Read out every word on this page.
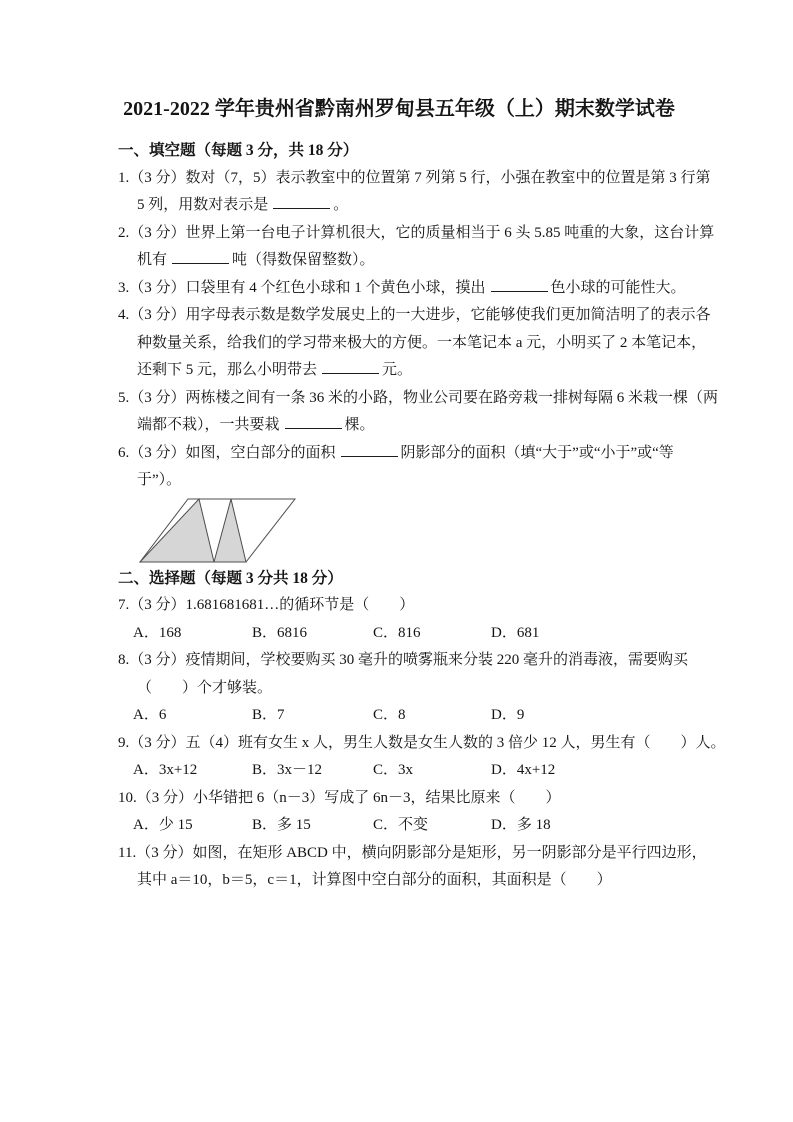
2021-2022 学年贵州省黔南州罗甸县五年级（上）期末数学试卷
一、填空题（每题 3 分，共 18 分）
1.（3 分）数对（7，5）表示教室中的位置第 7 列第 5 行，小强在教室中的位置是第 3 行第
5 列，用数对表示是	。
2.（3 分）世界上第一台电子计算机很大，它的质量相当于 6 头 5.85 吨重的大象，这台计算
机有	吨（得数保留整数）。
3.（3 分）口袋里有 4 个红色小球和 1 个黄色小球，摸出	色小球的可能性大。
4.（3 分）用字母表示数是数学发展史上的一大进步，它能够使我们更加简洁明了的表示各
种数量关系，给我们的学习带来极大的方便。一本笔记本 a 元，小明买了 2 本笔记本，
还剩下 5 元，那么小明带去	元。
5.（3 分）两栋楼之间有一条 36 米的小路，物业公司要在路旁栽一排树每隔 6 米栽一棵（两
端都不栽），一共要栽	棵。
6.（3 分）如图，空白部分的面积	阴影部分的面积（填“大于”或“小于”或“等
于”）。
二、选择题（每题 3 分共 18 分）
7.（3 分）1.681681681…的循环节是（　　）
A．168	B．6816	C．816	D．681
8.（3 分）疫情期间，学校要购买 30 毫升的喷雾瓶来分装 220 毫升的消毒液，需要购买
（　　）个才够装。
A．6	B．7	C．8	D．9
9.（3 分）五（4）班有女生 x 人，男生人数是女生人数的 3 倍少 12 人，男生有（　　）人。
A．3x+12	B．3x－12	C．3x	D．4x+12
10.（3 分）小华错把 6（n－3）写成了 6n－3，结果比原来（　　）
A．少 15	B．多 15	C．不变	D．多 18
11.（3 分）如图，在矩形 ABCD 中，横向阴影部分是矩形，另一阴影部分是平行四边形，
其中 a＝10，b＝5，c＝1，计算图中空白部分的面积，其面积是（　　）
